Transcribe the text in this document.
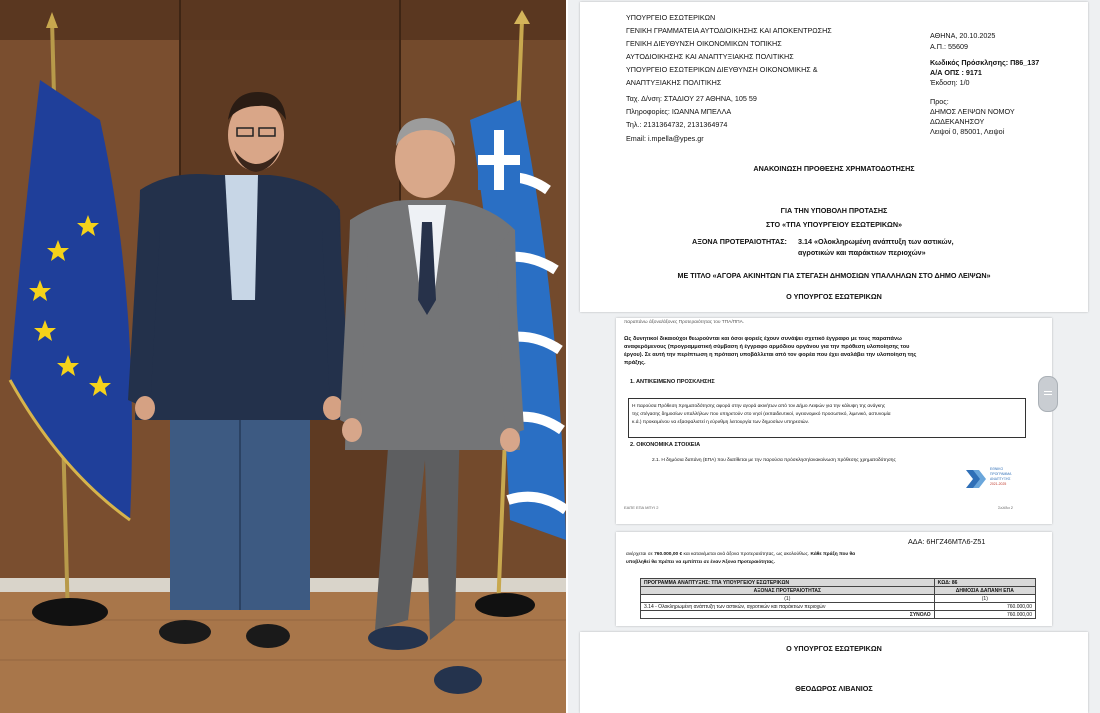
ΥΠΟΥΡΓΕΙΟ ΕΣΩΤΕΡΙΚΩΝ
ΓΕΝΙΚΗ ΓΡΑΜΜΑΤΕΙΑ ΑΥΤΟΔΙΟΙΚΗΣΗΣ ΚΑΙ ΑΠΟΚΕΝΤΡΩΣΗΣ
ΓΕΝΙΚΗ ΔΙΕΥΘΥΝΣΗ ΟΙΚΟΝΟΜΙΚΩΝ ΤΟΠΙΚΗΣ
ΑΥΤΟΔΙΟΙΚΗΣΗΣ ΚΑΙ ΑΝΑΠΤΥΞΙΑΚΗΣ ΠΟΛΙΤΙΚΗΣ
ΥΠΟΥΡΓΕΙΟ ΕΣΩΤΕΡΙΚΩΝ ΔΙΕΥΘΥΝΣΗ ΟΙΚΟΝΟΜΙΚΗΣ &
ΑΝΑΠΤΥΞΙΑΚΗΣ ΠΟΛΙΤΙΚΗΣ
Ταχ. Δ/νση: ΣΤΑΔΙΟΥ 27 ΑΘΗΝΑ, 105 59
Πληροφορίες: ΙΩΑΝΝΑ ΜΠΕΛΛΑ
Τηλ.: 2131364732, 2131364974
Email: i.mpella@ypes.gr
ΑΘΗΝΑ, 20.10.2025
Α.Π.: 55609
Κωδικός Πρόσκλησης: Π86_137
Α/Α ΟΠΣ : 9171
Έκδοση: 1/0
Προς:
ΔΗΜΟΣ ΛΕΙΨΩΝ ΝΟΜΟΥ
ΔΩΔΕΚΑΝΗΣΟΥ
Λειψοί 0, 85001, Λειψοί
ΑΝΑΚΟΙΝΩΣΗ ΠΡΟΘΕΣΗΣ ΧΡΗΜΑΤΟΔΟΤΗΣΗΣ
ΓΙΑ ΤΗΝ ΥΠΟΒΟΛΗ ΠΡΟΤΑΣΗΣ
ΣΤΟ «ΤΠΑ ΥΠΟΥΡΓΕΙΟΥ ΕΣΩΤΕΡΙΚΩΝ»
ΑΞΟΝΑ ΠΡΟΤΕΡΑΙΟΤΗΤΑΣ: 3.14 «Ολοκληρωμένη ανάπτυξη των αστικών,
αγροτικών και παράκτιων περιοχών»
ΜΕ ΤΙΤΛΟ «ΑΓΟΡΑ ΑΚΙΝΗΤΩΝ ΓΙΑ ΣΤΕΓΑΣΗ ΔΗΜΟΣΙΩΝ ΥΠΑΛΛΗΛΩΝ ΣΤΟ ΔΗΜΟ ΛΕΙΨΩΝ»
Ο ΥΠΟΥΡΓΟΣ ΕΣΩΤΕΡΙΚΩΝ
παραπάνω άξονα/άξονες Προτεραιότητας του ΤΠΑ/ΠΠΑ.
Ως δυνητικοί δικαιούχοι θεωρούνται και όσοι φορείς έχουν συνάψει σχετικό έγγραφο με τους παραπάνω
αναφερόμενους (προγραμματική σύμβαση ή έγγραφο αρμόδιου οργάνου για την πρόθεση υλοποίησης του
έργου). Σε αυτή την περίπτωση η πρόταση υποβάλλεται από τον φορέα που έχει αναλάβει την υλοποίηση της
πράξης.
1. ΑΝΤΙΚΕΙΜΕΝΟ ΠΡΟΣΚΛΗΣΗΣ
Η παρούσα Πρόθεση Χρηματοδότησης αφορά στην αγορά ακινήτων από τον Δήμο Λειψών για την κάλυψη της ανάγκης
της στέγασης δημοσίων υπαλλήλων που υπηρετούν στο νησί (εκπαιδευτικοί, υγειονομικό προσωπικό, λιμενικό, αστυνομία
κ.ά.) προκειμένου να εξασφαλιστεί η εύρυθμη λειτουργία των δημοσίων υπηρεσιών.
2. ΟΙΚΟΝΟΜΙΚΑ ΣΤΟΙΧΕΙΑ
2.1. Η δημόσια δαπάνη (ΕΠΑ) που διατίθεται με την παρούσα πρόσκληση/ανακοίνωση πρόθεσης χρηματοδότησης
ΕΘΝΙΚΟ
ΠΡΟΓΡΑΜΜΑ
ΑΝΑΠΤΥΞΗΣ
2021-2025
ΕΑΠΕ ΕΠΑ ΜΠΥΙ 2	Σελίδα 2
ΑΔΑ: 6ΗΓΖ46ΜΤΛ6-Ζ51
ανέρχεται σε 760.000,00 € και κατανέμεται ανά άξονα προτεραιότητας, ως ακολούθως. Κάθε πράξη που θα
υποβληθεί θα πρέπει να εμπίπτει σε έναν Άξονα Προτεραιότητας.
ΠΡΟΓΡΑΜΜΑ ΑΝΑΠΤΥΞΗΣ: ΤΠΑ ΥΠΟΥΡΓΕΙΟΥ ΕΣΩΤΕΡΙΚΩΝ	ΚΩΔ: 86
ΑΞΟΝΑΣ ΠΡΟΤΕΡΑΙΟΤΗΤΑΣ	ΔΗΜΟΣΙΑ ΔΑΠΑΝΗ ΕΠΑ
(1)	(1)
3.14 - Ολοκληρωμένη ανάπτυξη των αστικών, αγροτικών και παράκτιων περιοχών	760.000,00
ΣΥΝΟΛΟ	760.000,00
Ο ΥΠΟΥΡΓΟΣ ΕΣΩΤΕΡΙΚΩΝ
ΘΕΟΔΩΡΟΣ ΛΙΒΑΝΙΟΣ
